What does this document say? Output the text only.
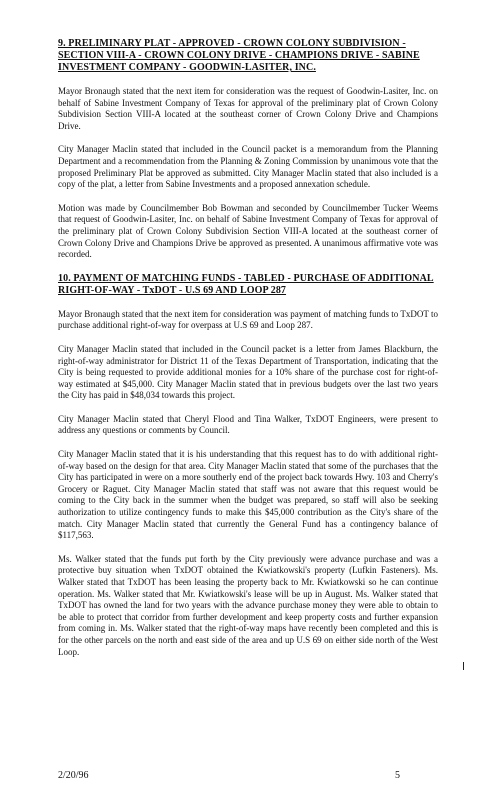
9. PRELIMINARY PLAT - APPROVED - CROWN COLONY SUBDIVISION - SECTION VIII-A - CROWN COLONY DRIVE - CHAMPIONS DRIVE - SABINE INVESTMENT COMPANY - GOODWIN-LASITER, INC.

Mayor Bronaugh stated that the next item for consideration was the request of Goodwin-Lasiter, Inc. on behalf of Sabine Investment Company of Texas for approval of the preliminary plat of Crown Colony Subdivision Section VIII-A located at the southeast corner of Crown Colony Drive and Champions Drive.

City Manager Maclin stated that included in the Council packet is a memorandum from the Planning Department and a recommendation from the Planning & Zoning Commission by unanimous vote that the proposed Preliminary Plat be approved as submitted. City Manager Maclin stated that also included is a copy of the plat, a letter from Sabine Investments and a proposed annexation schedule.

Motion was made by Councilmember Bob Bowman and seconded by Councilmember Tucker Weems that request of Goodwin-Lasiter, Inc. on behalf of Sabine Investment Company of Texas for approval of the preliminary plat of Crown Colony Subdivision Section VIII-A located at the southeast corner of Crown Colony Drive and Champions Drive be approved as presented. A unanimous affirmative vote was recorded.

10. PAYMENT OF MATCHING FUNDS - TABLED - PURCHASE OF ADDITIONAL RIGHT-OF-WAY - TxDOT - U.S 69 AND LOOP 287

Mayor Bronaugh stated that the next item for consideration was payment of matching funds to TxDOT to purchase additional right-of-way for overpass at U.S 69 and Loop 287.

City Manager Maclin stated that included in the Council packet is a letter from James Blackburn, the right-of-way administrator for District 11 of the Texas Department of Transportation, indicating that the City is being requested to provide additional monies for a 10% share of the purchase cost for right-of-way estimated at $45,000. City Manager Maclin stated that in previous budgets over the last two years the City has paid in $48,034 towards this project.

City Manager Maclin stated that Cheryl Flood and Tina Walker, TxDOT Engineers, were present to address any questions or comments by Council.

City Manager Maclin stated that it is his understanding that this request has to do with additional right-of-way based on the design for that area. City Manager Maclin stated that some of the purchases that the City has participated in were on a more southerly end of the project back towards Hwy. 103 and Cherry's Grocery or Raguet. City Manager Maclin stated that staff was not aware that this request would be coming to the City back in the summer when the budget was prepared, so staff will also be seeking authorization to utilize contingency funds to make this $45,000 contribution as the City's share of the match. City Manager Maclin stated that currently the General Fund has a contingency balance of $117,563.

Ms. Walker stated that the funds put forth by the City previously were advance purchase and was a protective buy situation when TxDOT obtained the Kwiatkowski's property (Lufkin Fasteners). Ms. Walker stated that TxDOT has been leasing the property back to Mr. Kwiatkowski so he can continue operation. Ms. Walker stated that Mr. Kwiatkowski's lease will be up in August. Ms. Walker stated that TxDOT has owned the land for two years with the advance purchase money they were able to obtain to be able to protect that corridor from further development and keep property costs and further expansion from coming in. Ms. Walker stated that the right-of-way maps have recently been completed and this is for the other parcels on the north and east side of the area and up U.S 69 on either side north of the West Loop.

2/20/96	5
